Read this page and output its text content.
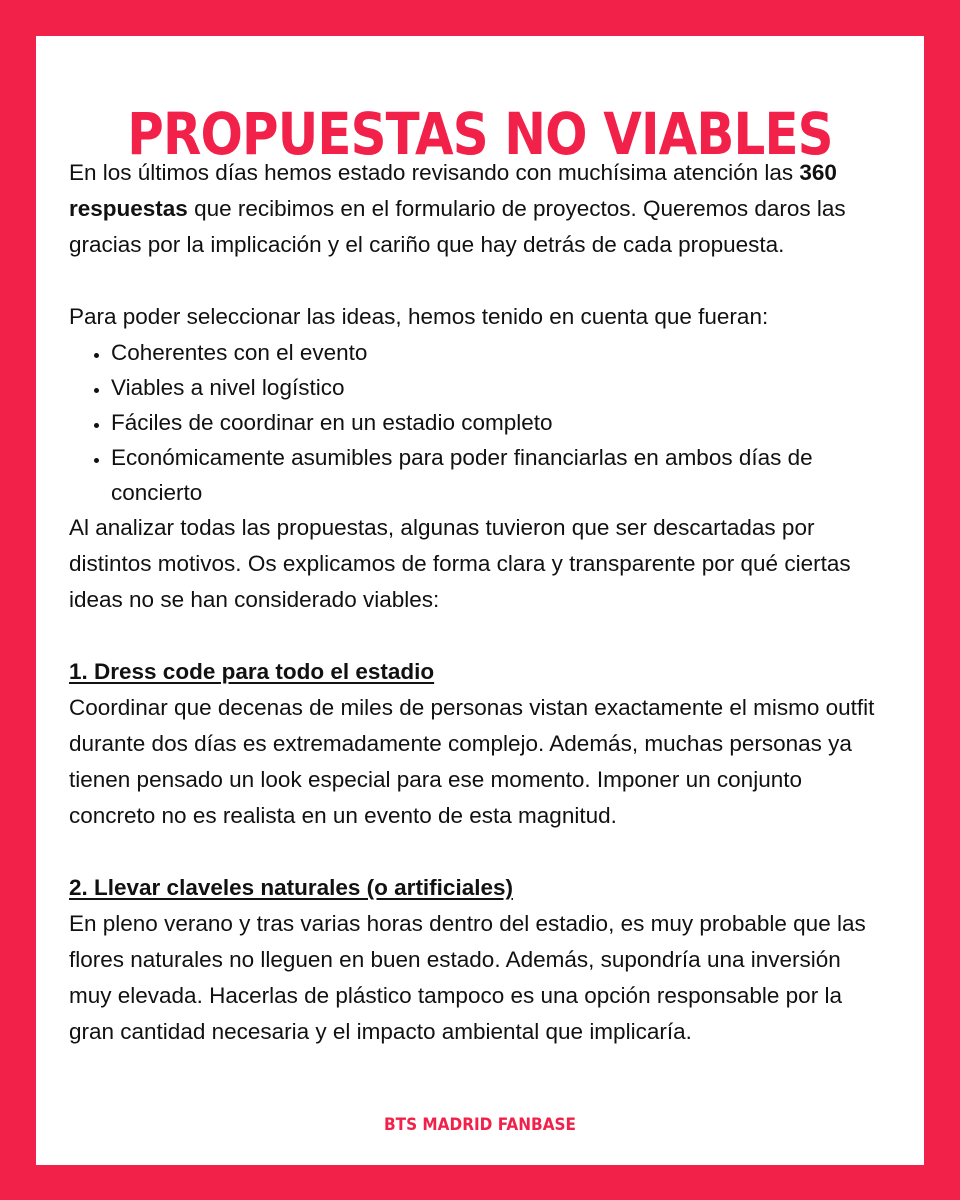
PROPUESTAS NO VIABLES

En los últimos días hemos estado revisando con muchísima atención las 360 respuestas que recibimos en el formulario de proyectos. Queremos daros las gracias por la implicación y el cariño que hay detrás de cada propuesta.

Para poder seleccionar las ideas, hemos tenido en cuenta que fueran:

• Coherentes con el evento
• Viables a nivel logístico
• Fáciles de coordinar en un estadio completo
• Económicamente asumibles para poder financiarlas en ambos días de concierto

Al analizar todas las propuestas, algunas tuvieron que ser descartadas por distintos motivos. Os explicamos de forma clara y transparente por qué ciertas ideas no se han considerado viables:

1. Dress code para todo el estadio

Coordinar que decenas de miles de personas vistan exactamente el mismo outfit durante dos días es extremadamente complejo. Además, muchas personas ya tienen pensado un look especial para ese momento. Imponer un conjunto concreto no es realista en un evento de esta magnitud.

2. Llevar claveles naturales (o artificiales)

En pleno verano y tras varias horas dentro del estadio, es muy probable que las flores naturales no lleguen en buen estado. Además, supondría una inversión muy elevada. Hacerlas de plástico tampoco es una opción responsable por la gran cantidad necesaria y el impacto ambiental que implicaría.

BTS MADRID FANBASE
